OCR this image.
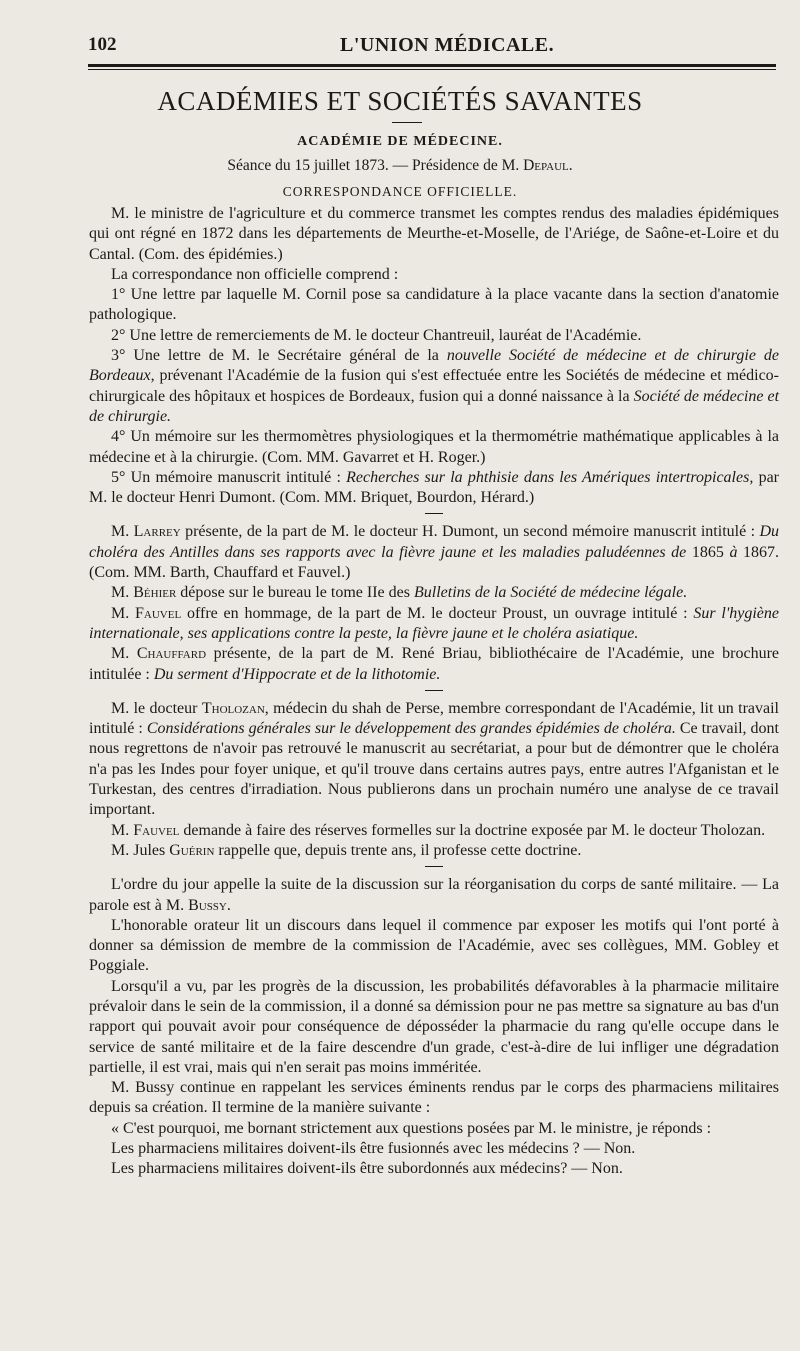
102	L'UNION MÉDICALE.
ACADÉMIES ET SOCIÉTÉS SAVANTES
ACADÉMIE DE MÉDECINE.
Séance du 15 juillet 1873. — Présidence de M. Depaul.
CORRESPONDANCE OFFICIELLE.

M. le ministre de l'agriculture et du commerce transmet les comptes rendus des maladies épidémiques qui ont régné en 1872 dans les départements de Meurthe-et-Moselle, de l'Ariége, de Saône-et-Loire et du Cantal. (Com. des épidémies.)

La correspondance non officielle comprend :

1° Une lettre par laquelle M. Cornil pose sa candidature à la place vacante dans la section d'anatomie pathologique.

2° Une lettre de remerciements de M. le docteur Chantreuil, lauréat de l'Académie.

3° Une lettre de M. le Secrétaire général de la nouvelle Société de médecine et de chirurgie de Bordeaux, prévenant l'Académie de la fusion qui s'est effectuée entre les Sociétés de médecine et médico-chirurgicale des hôpitaux et hospices de Bordeaux, fusion qui a donné naissance à la Société de médecine et de chirurgie.

4° Un mémoire sur les thermomètres physiologiques et la thermométrie mathématique applicables à la médecine et à la chirurgie. (Com. MM. Gavarret et H. Roger.)

5° Un mémoire manuscrit intitulé : Recherches sur la phthisie dans les Amériques intertropicales, par M. le docteur Henri Dumont. (Com. MM. Briquet, Bourdon, Hérard.)

M. Larrey présente, de la part de M. le docteur H. Dumont, un second mémoire manuscrit intitulé : Du choléra des Antilles dans ses rapports avec la fièvre jaune et les maladies paludéennes de 1865 à 1867. (Com. MM. Barth, Chauffard et Fauvel.)

M. Béhier dépose sur le bureau le tome IIe des Bulletins de la Société de médecine légale.

M. Fauvel offre en hommage, de la part de M. le docteur Proust, un ouvrage intitulé : Sur l'hygiène internationale, ses applications contre la peste, la fièvre jaune et le choléra asiatique.

M. Chauffard présente, de la part de M. René Briau, bibliothécaire de l'Académie, une brochure intitulée : Du serment d'Hippocrate et de la lithotomie.

M. le docteur Tholozan, médecin du shah de Perse, membre correspondant de l'Académie, lit un travail intitulé : Considérations générales sur le développement des grandes épidémies de choléra. Ce travail, dont nous regrettons de n'avoir pas retrouvé le manuscrit au secrétariat, a pour but de démontrer que le choléra n'a pas les Indes pour foyer unique, et qu'il trouve dans certains autres pays, entre autres l'Afganistan et le Turkestan, des centres d'irradiation. Nous publierons dans un prochain numéro une analyse de ce travail important.

M. Fauvel demande à faire des réserves formelles sur la doctrine exposée par M. le docteur Tholozan.

M. Jules Guérin rappelle que, depuis trente ans, il professe cette doctrine.

L'ordre du jour appelle la suite de la discussion sur la réorganisation du corps de santé militaire. — La parole est à M. Bussy.

L'honorable orateur lit un discours dans lequel il commence par exposer les motifs qui l'ont porté à donner sa démission de membre de la commission de l'Académie, avec ses collègues, MM. Gobley et Poggiale.

Lorsqu'il a vu, par les progrès de la discussion, les probabilités défavorables à la pharmacie militaire prévaloir dans le sein de la commission, il a donné sa démission pour ne pas mettre sa signature au bas d'un rapport qui pouvait avoir pour conséquence de déposséder la pharmacie du rang qu'elle occupe dans le service de santé militaire et de la faire descendre d'un grade, c'est-à-dire de lui infliger une dégradation partielle, il est vrai, mais qui n'en serait pas moins imméritée.

M. Bussy continue en rappelant les services éminents rendus par le corps des pharmaciens militaires depuis sa création. Il termine de la manière suivante :

« C'est pourquoi, me bornant strictement aux questions posées par M. le ministre, je réponds :

Les pharmaciens militaires doivent-ils être fusionnés avec les médecins ? — Non.

Les pharmaciens militaires doivent-ils être subordonnés aux médecins? — Non.
